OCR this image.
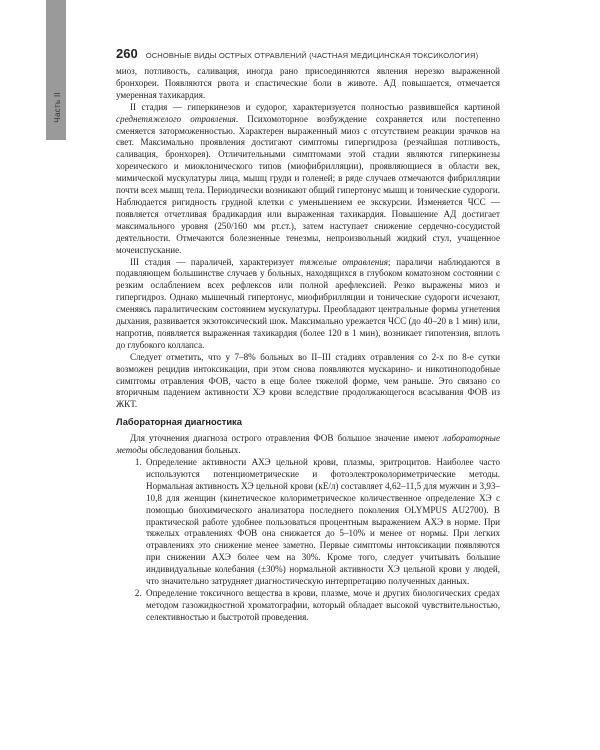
Часть II
260 ОСНОВНЫЕ ВИДЫ ОСТРЫХ ОТРАВЛЕНИЙ (ЧАСТНАЯ МЕДИЦИНСКАЯ ТОКСИКОЛОГИЯ)

миоз, потливость, саливация, иногда рано присоединяются явления нерезко выраженной бронхореи. Появляются рвота и спастические боли в животе. АД повышается, отмечается умеренная тахикардия.

II стадия — гиперкинезов и судорог, характеризуется полностью развившейся картиной среднетяжелого отравления. Психомоторное возбуждение сохраняется или постепенно сменяется заторможенностью. Характерен выраженный миоз с отсутствием реакции зрачков на свет. Максимально проявления достигают симптомы гипергидроза (резчайшая потливость, саливация, бронхорея). Отличительными симптомами этой стадии являются гиперкинезы хореического и миоклонического типов (миофибрилляции), проявляющиеся в области век, мимической мускулатуры лица, мышц груди и голеней; в ряде случаев отмечаются фибрилляции почти всех мышц тела. Периодически возникают общий гипертонус мышц и тонические судороги. Наблюдается ригидность грудной клетки с уменьшением ее экскурсии. Изменяется ЧСС — появляется отчетливая брадикардия или выраженная тахикардия. Повышение АД достигает максимального уровня (250/160 мм рт.ст.), затем наступает снижение сердечно-сосудистой деятельности. Отмечаются болезненные тенезмы, непроизвольный жидкий стул, учащенное мочеиспускание.

III стадия — параличей, характеризует тяжелые отравления; параличи наблюдаются в подавляющем большинстве случаев у больных, находящихся в глубоком коматозном состоянии с резким ослаблением всех рефлексов или полной арефлексией. Резко выражены миоз и гипергидроз. Однако мышечный гипертонус, миофибрилляции и тонические судороги исчезают, сменяясь паралитическим состоянием мускулатуры. Преобладают центральные формы угнетения дыхания, развивается экзотоксический шок. Максимально урежается ЧСС (до 40–20 в 1 мин) или, напротив, появляется выраженная тахикардия (более 120 в 1 мин), возникает гипотензия, вплоть до глубокого коллапса.

Следует отметить, что у 7–8% больных во II–III стадиях отравления со 2-х по 8-е сутки возможен рецидив интоксикации, при этом снова появляются мускарино- и никотиноподобные симптомы отравления ФОВ, часто в еще более тяжелой форме, чем раньше. Это связано со вторичным падением активности ХЭ крови вследствие продолжающегося всасывания ФОВ из ЖКТ.

Лабораторная диагностика

Для уточнения диагноза острого отравления ФОВ большое значение имеют лабораторные методы обследования больных.

1. Определение активности АХЭ цельной крови, плазмы, эритроцитов. Наиболее часто используются потенциометрические и фотоэлектроколориметрические методы. Нормальная активность ХЭ цельной крови (кЕ/л) составляет 4,62–11,5 для мужчин и 3,93–10,8 для женщин (кинетическое колориметрическое количественное определение ХЭ с помощью биохимического анализатора последнего поколения OLYMPUS AU2700). В практической работе удобнее пользоваться процентным выражением АХЭ в норме. При тяжелых отравлениях ФОВ она снижается до 5–10% и менее от нормы. При легких отравлениях это снижение менее заметно. Первые симптомы интоксикации появляются при снижении АХЭ более чем на 30%. Кроме того, следует учитывать большие индивидуальные колебания (±30%) нормальной активности ХЭ цельной крови у людей, что значительно затрудняет диагностическую интерпретацию полученных данных.
2. Определение токсичного вещества в крови, плазме, моче и других биологических средах методом газожидкостной хроматографии, который обладает высокой чувствительностью, селективностью и быстротой проведения.
